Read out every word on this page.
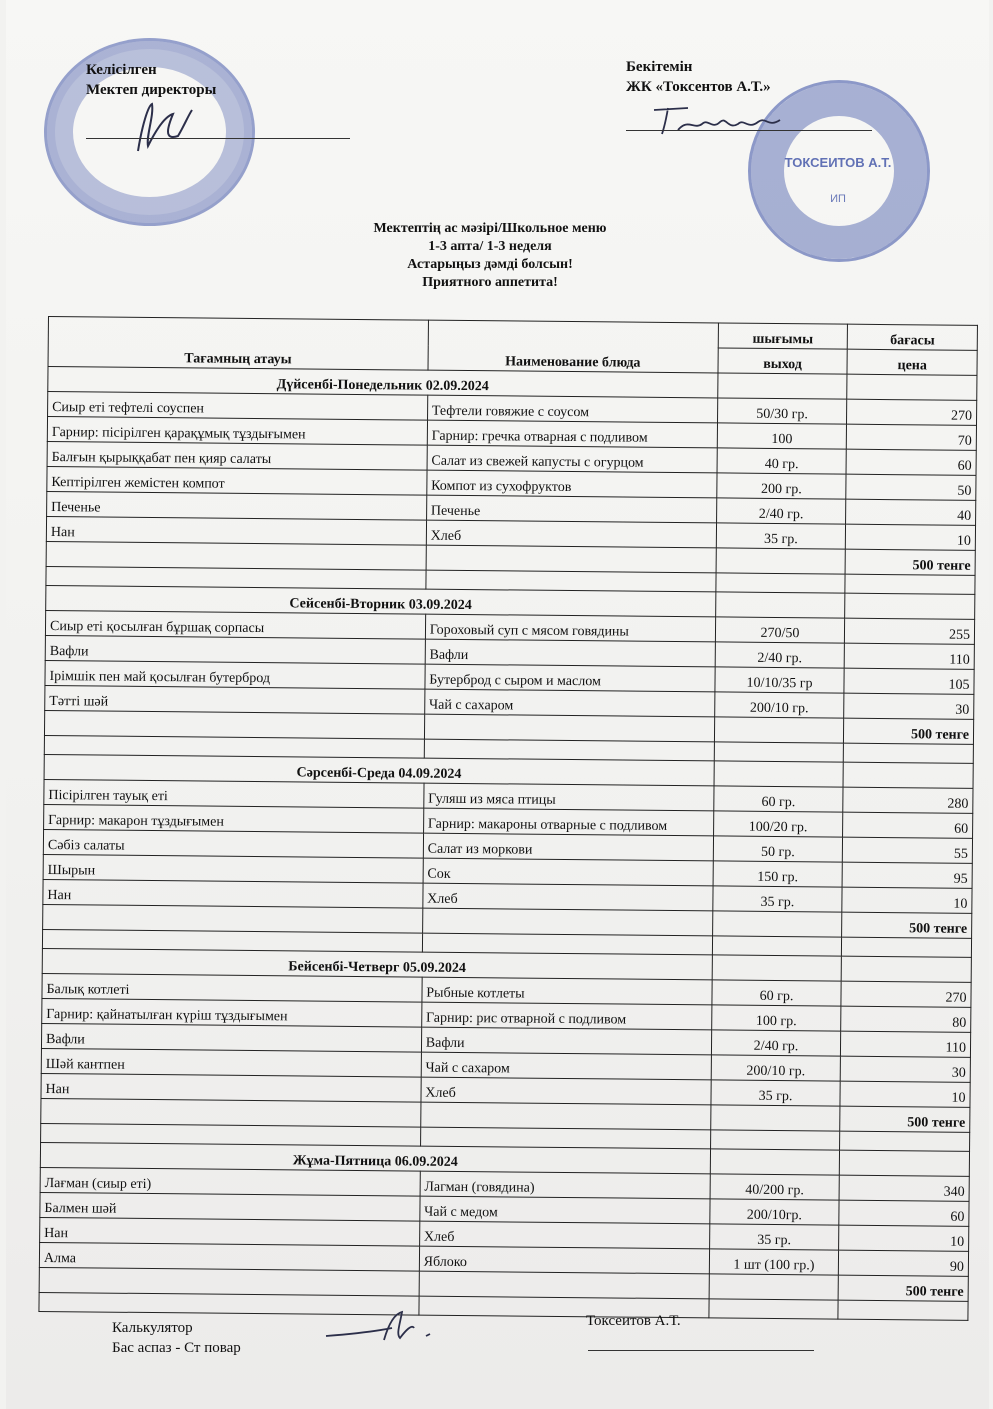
Келісілген
Мектеп директоры
ТОКСЕИТОВ А.Т.
ИП
Бекітемін
ЖК «Токсентов А.Т.»
Мектептің ас мәзірі/Школьное меню
1-3 апта/ 1-3 неделя
Астарыңыз дәмді болсын!
Приятного аппетита!
Тағамның атауы	Наименование блюда	шығымы	бағасы
		выход	цена
Дүйсенбі-Понедельник 02.09.2024			
Сиыр еті тефтелі соуспен	Тефтели говяжие с соусом	50/30 гр.	270
Гарнир: пісірілген қарақұмық тұздығымен	Гарнир: гречка отварная с подливом	100	70
Балғын қырыққабат пен қияр салаты	Салат из свежей капусты с огурцом	40 гр.	60
Кептірілген жемістен компот	Компот из сухофруктов	200 гр.	50
Печенье	Печенье	2/40 гр.	40
Нан	Хлеб	35 гр.	10
			500 тенге

Сейсенбі-Вторник 03.09.2024			
Сиыр еті қосылған бұршақ сорпасы	Гороховый суп с мясом говядины	270/50	255
Вафли	Вафли	2/40 гр.	110
Ірімшік пен май қосылған бутерброд	Бутерброд с сыром и маслом	10/10/35 гр	105
Тәтті шәй	Чай с сахаром	200/10 гр.	30
			500 тенге

Сәрсенбі-Среда 04.09.2024			
Пісірілген тауық еті	Гуляш из мяса птицы	60 гр.	280
Гарнир: макарон тұздығымен	Гарнир: макароны отварные с подливом	100/20 гр.	60
Сәбіз салаты	Салат из моркови	50 гр.	55
Шырын	Сок	150 гр.	95
Нан	Хлеб	35 гр.	10
			500 тенге

Бейсенбі-Четверг 05.09.2024			
Балық котлеті	Рыбные котлеты	60 гр.	270
Гарнир: қайнатылған күріш тұздығымен	Гарнир: рис отварной с подливом	100 гр.	80
Вафли	Вафли	2/40 гр.	110
Шәй кантпен	Чай с сахаром	200/10 гр.	30
Нан	Хлеб	35 гр.	10
			500 тенге

Жұма-Пятница 06.09.2024			
Лағман (сиыр еті)	Лагман (говядина)	40/200 гр.	340
Балмен шәй	Чай с медом	200/10гр.	60
Нан	Хлеб	35 гр.	10
Алма	Яблоко	1 шт (100 гр.)	90
			500 тенге

Калькулятор
Бас аспаз - Ст повар
Токсеитов А.Т.
